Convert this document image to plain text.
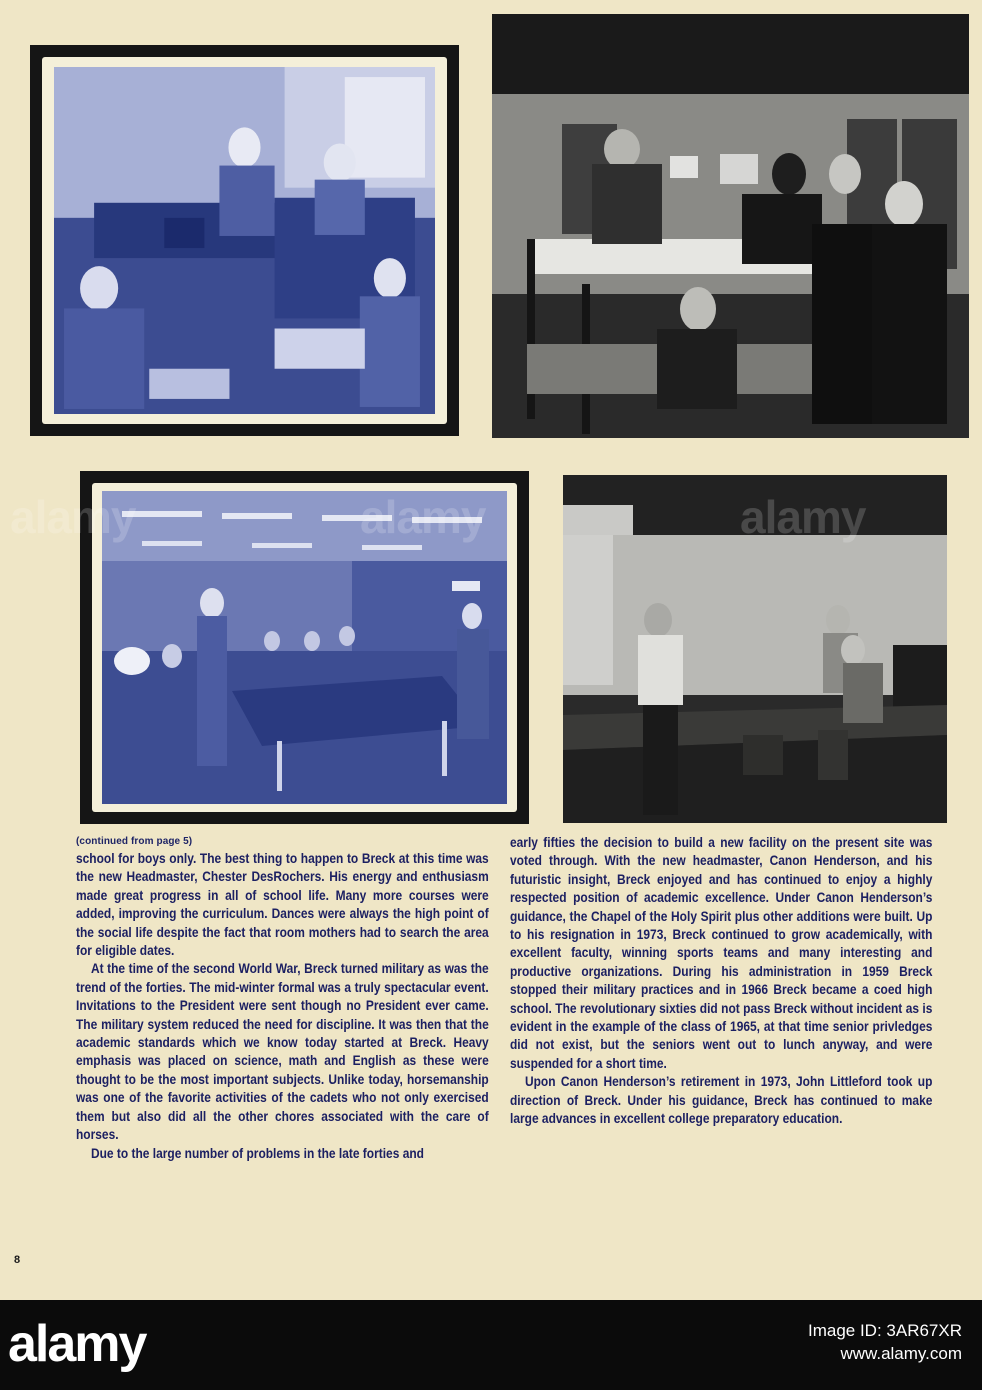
(continued from page 5)

school for boys only. The best thing to happen to Breck at this time was the new Headmaster, Chester DesRochers. His energy and enthusiasm made great progress in all of school life. Many more courses were added, improving the curriculum. Dances were always the high point of the social life despite the fact that room mothers had to search the area for eligible dates.

At the time of the second World War, Breck turned military as was the trend of the forties. The mid-winter formal was a truly spectacular event. Invitations to the President were sent though no President ever came. The military system reduced the need for discipline. It was then that the academic standards which we know today started at Breck. Heavy emphasis was placed on science, math and English as these were thought to be the most important subjects. Unlike today, horsemanship was one of the favorite activities of the cadets who not only exercised them but also did all the other chores associated with the care of horses.

Due to the large number of problems in the late forties and

early fifties the decision to build a new facility on the present site was voted through. With the new headmaster, Canon Henderson, and his futuristic insight, Breck enjoyed and has continued to enjoy a highly respected position of academic excellence. Under Canon Henderson’s guidance, the Chapel of the Holy Spirit plus other additions were built. Up to his resignation in 1973, Breck continued to grow academically, with excellent faculty, winning sports teams and many interesting and productive organizations. During his administration in 1959 Breck stopped their military practices and in 1966 Breck became a coed high school. The revolutionary sixties did not pass Breck without incident as is evident in the example of the class of 1965, at that time senior privledges did not exist, but the seniors went out to lunch anyway, and were suspended for a short time.

Upon Canon Henderson’s retirement in 1973, John Littleford took up direction of Breck. Under his guidance, Breck has continued to make large advances in excellent college preparatory education.

8
alamy	Image ID: 3AR67XR
www.alamy.com
